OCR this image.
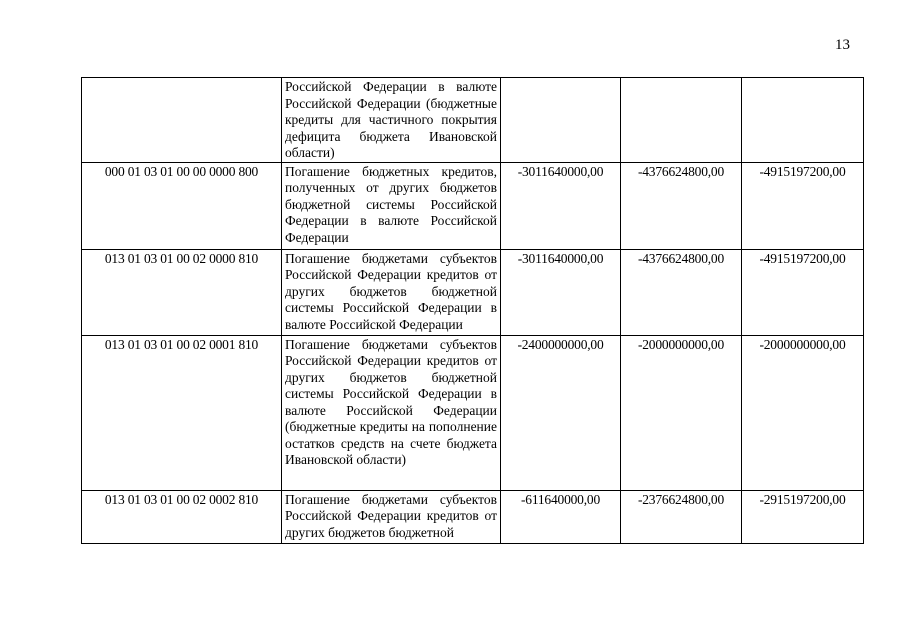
13

	Российской Федерации в валюте Российской Федерации (бюджетные кредиты для частичного покрытия дефицита бюджета Ивановской области)			

000 01 03 01 00 00 0000 800	Погашение бюджетных кредитов, полученных от других бюджетов бюджетной системы Российской Федерации в валюте Российской Федерации	-3011640000,00	-4376624800,00	-4915197200,00
013 01 03 01 00 02 0000 810	Погашение бюджетами субъектов Российской Федерации кредитов от других бюджетов бюджетной системы Российской Федерации в валюте Российской Федерации	-3011640000,00	-4376624800,00	-4915197200,00
013 01 03 01 00 02 0001 810	Погашение бюджетами субъектов Российской Федерации кредитов от других бюджетов бюджетной системы Российской Федерации в валюте Российской Федерации (бюджетные кредиты на пополнение остатков средств на счете бюджета Ивановской области)	-2400000000,00	-2000000000,00	-2000000000,00
013 01 03 01 00 02 0002 810	Погашение бюджетами субъектов Российской Федерации кредитов от других бюджетов бюджетной	-611640000,00	-2376624800,00	-2915197200,00
